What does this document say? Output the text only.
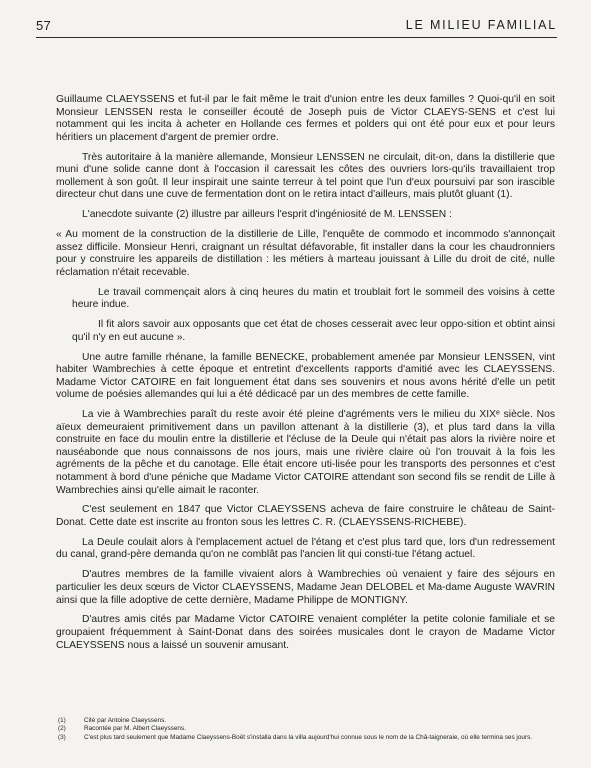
57	LE MILIEU FAMILIAL

Guillaume CLAEYSSENS et fut-il par le fait même le trait d'union entre les deux familles ? Quoi-qu'il en soit Monsieur LENSSEN resta le conseiller écouté de Joseph puis de Victor CLAEYS-SENS et c'est lui notamment qui les incita à acheter en Hollande ces fermes et polders qui ont été pour eux et pour leurs héritiers un placement d'argent de premier ordre.

Très autoritaire à la manière allemande, Monsieur LENSSEN ne circulait, dit-on, dans la distillerie que muni d'une solide canne dont à l'occasion il caressait les côtes des ouvriers lors-qu'ils travaillaient trop mollement à son goût. Il leur inspirait une sainte terreur à tel point que l'un d'eux poursuivi par son irascible directeur chut dans une cuve de fermentation dont on le retira intact d'ailleurs, mais plutôt gluant (1).

L'anecdote suivante (2) illustre par ailleurs l'esprit d'ingéniosité de M. LENSSEN :

« Au moment de la construction de la distillerie de Lille, l'enquête de commodo et incommodo s'annonçait assez difficile. Monsieur Henri, craignant un résultat défavorable, fit installer dans la cour les chaudronniers pour y construire les appareils de distillation : les métiers à marteau jouissant à Lille du droit de cité, nulle réclamation n'était recevable.

Le travail commençait alors à cinq heures du matin et troublait fort le sommeil des voisins à cette heure indue.

Il fit alors savoir aux opposants que cet état de choses cesserait avec leur oppo-sition et obtint ainsi qu'il n'y en eut aucune ».

Une autre famille rhénane, la famille BENECKE, probablement amenée par Monsieur LENSSEN, vint habiter Wambrechies à cette époque et entretint d'excellents rapports d'amitié avec les CLAEYSSENS. Madame Victor CATOIRE en fait longuement état dans ses souvenirs et nous avons hérité d'elle un petit volume de poésies allemandes qui lui a été dédicacé par un des membres de cette famille.

La vie à Wambrechies paraît du reste avoir été pleine d'agréments vers le milieu du XIXᵉ siècle. Nos aïeux demeuraient primitivement dans un pavillon attenant à la distillerie (3), et plus tard dans la villa construite en face du moulin entre la distillerie et l'écluse de la Deule qui n'était pas alors la rivière noire et nauséabonde que nous connaissons de nos jours, mais une rivière claire où l'on trouvait à la fois les agréments de la pêche et du canotage. Elle était encore uti-lisée pour les transports des personnes et c'est notamment à bord d'une péniche que Madame Victor CATOIRE attendant son second fils se rendit de Lille à Wambrechies ainsi qu'elle aimait le raconter.

C'est seulement en 1847 que Victor CLAEYSSENS acheva de faire construire le château de Saint-Donat. Cette date est inscrite au fronton sous les lettres C. R. (CLAEYSSENS-RICHEBE).

La Deule coulait alors à l'emplacement actuel de l'étang et c'est plus tard que, lors d'un redressement du canal, grand-père demanda qu'on ne comblât pas l'ancien lit qui consti-tue l'étang actuel.

D'autres membres de la famille vivaient alors à Wambrechies où venaient y faire des séjours en particulier les deux sœurs de Victor CLAEYSSENS, Madame Jean DELOBEL et Ma-dame Auguste WAVRIN ainsi que la fille adoptive de cette dernière, Madame Philippe de MONTIGNY.

D'autres amis cités par Madame Victor CATOIRE venaient compléter la petite colonie familiale et se groupaient fréquemment à Saint-Donat dans des soirées musicales dont le crayon de Madame Victor CLAEYSSENS nous a laissé un souvenir amusant.

(1)	Cité par Antoine Claeyssens.
(2)	Racontée par M. Albert Claeyssens.
(3)	C'est plus tard seulement que Madame Claeyssens-Boët s'installa dans la villa aujourd'hui connue sous le nom de la Châ-taigneraie, où elle termina ses jours.
